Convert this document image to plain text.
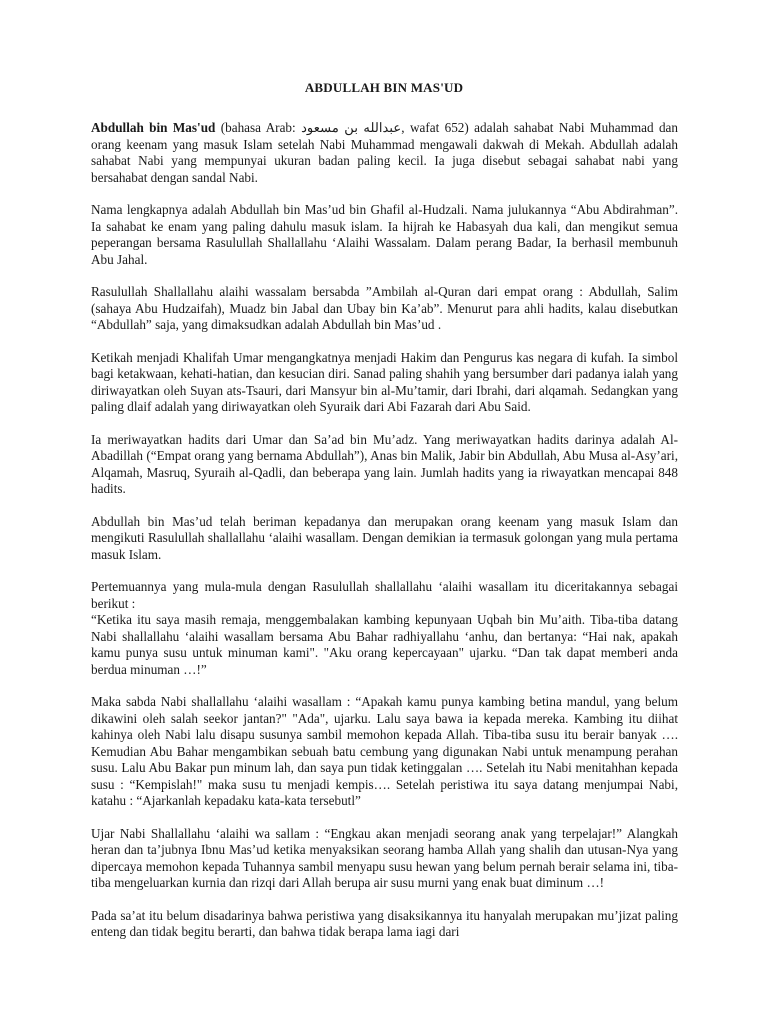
ABDULLAH BIN MAS'UD

Abdullah bin Mas'ud (bahasa Arab: عبدالله بن مسعود, wafat 652) adalah sahabat Nabi Muhammad dan orang keenam yang masuk Islam setelah Nabi Muhammad mengawali dakwah di Mekah. Abdullah adalah sahabat Nabi yang mempunyai ukuran badan paling kecil. Ia juga disebut sebagai sahabat nabi yang bersahabat dengan sandal Nabi.

Nama lengkapnya adalah Abdullah bin Mas’ud bin Ghafil al-Hudzali. Nama julukannya “Abu Abdirahman”. Ia sahabat ke enam yang paling dahulu masuk islam. Ia hijrah ke Habasyah dua kali, dan mengikut semua peperangan bersama Rasulullah Shallallahu ‘Alaihi Wassalam. Dalam perang Badar, Ia berhasil membunuh Abu Jahal.

Rasulullah Shallallahu alaihi wassalam bersabda ”Ambilah al-Quran dari empat orang : Abdullah, Salim (sahaya Abu Hudzaifah), Muadz bin Jabal dan Ubay bin Ka’ab”. Menurut para ahli hadits, kalau disebutkan “Abdullah” saja, yang dimaksudkan adalah Abdullah bin Mas’ud .

Ketikah menjadi Khalifah Umar mengangkatnya menjadi Hakim dan Pengurus kas negara di kufah. Ia simbol bagi ketakwaan, kehati-hatian, dan kesucian diri. Sanad paling shahih yang bersumber dari padanya ialah yang diriwayatkan oleh Suyan ats-Tsauri, dari Mansyur bin al-Mu’tamir, dari Ibrahi, dari alqamah. Sedangkan yang paling dlaif adalah yang diriwayatkan oleh Syuraik dari Abi Fazarah dari Abu Said.

Ia meriwayatkan hadits dari Umar dan Sa’ad bin Mu’adz. Yang meriwayatkan hadits darinya adalah Al-Abadillah (“Empat orang yang bernama Abdullah”), Anas bin Malik, Jabir bin Abdullah, Abu Musa al-Asy’ari, Alqamah, Masruq, Syuraih al-Qadli, dan beberapa yang lain. Jumlah hadits yang ia riwayatkan mencapai 848 hadits.

Abdullah bin Mas’ud telah beriman kepadanya dan merupakan orang keenam yang masuk Islam dan mengikuti Rasulullah shallallahu ‘alaihi wasallam. Dengan demikian ia termasuk golongan yang mula pertama masuk Islam.

Pertemuannya yang mula-mula dengan Rasulullah shallallahu ‘alaihi wasallam itu diceritakannya sebagai berikut :

“Ketika itu saya masih remaja, menggembalakan kambing kepunyaan Uqbah bin Mu’aith. Tiba-tiba datang Nabi shallallahu ‘alaihi wasallam bersama Abu Bahar radhiyallahu ‘anhu, dan bertanya: “Hai nak, apakah kamu punya susu untuk minuman kami". "Aku orang kepercayaan" ujarku. “Dan tak dapat memberi anda berdua minuman …!”

Maka sabda Nabi shallallahu ‘alaihi wasallam : “Apakah kamu punya kambing betina mandul, yang belum dikawini oleh salah seekor jantan?" "Ada", ujarku. Lalu saya bawa ia kepada mereka. Kambing itu diihat kahinya oleh Nabi lalu disapu susunya sambil memohon kepada Allah. Tiba-tiba susu itu berair banyak …. Kemudian Abu Bahar mengambikan sebuah batu cembung yang digunakan Nabi untuk menampung perahan susu. Lalu Abu Bakar pun minum lah, dan saya pun tidak ketinggalan …. Setelah itu Nabi menitahhan kepada susu : “Kempislah!" maka susu tu menjadi kempis…. Setelah peristiwa itu saya datang menjumpai Nabi, katahu : “Ajarkanlah kepadaku kata-kata tersebutl”

Ujar Nabi Shallallahu ‘alaihi wa sallam : “Engkau akan menjadi seorang anak yang terpelajar!” Alangkah heran dan ta’jubnya Ibnu Mas’ud ketika menyaksikan seorang hamba Allah yang shalih dan utusan-Nya yang dipercaya memohon kepada Tuhannya sambil menyapu susu hewan yang belum pernah berair selama ini, tiba-tiba mengeluarkan kurnia dan rizqi dari Allah berupa air susu murni yang enak buat diminum …!

Pada sa’at itu belum disadarinya bahwa peristiwa yang disaksikannya itu hanyalah merupakan mu’jizat paling enteng dan tidak begitu berarti, dan bahwa tidak berapa lama iagi dari
